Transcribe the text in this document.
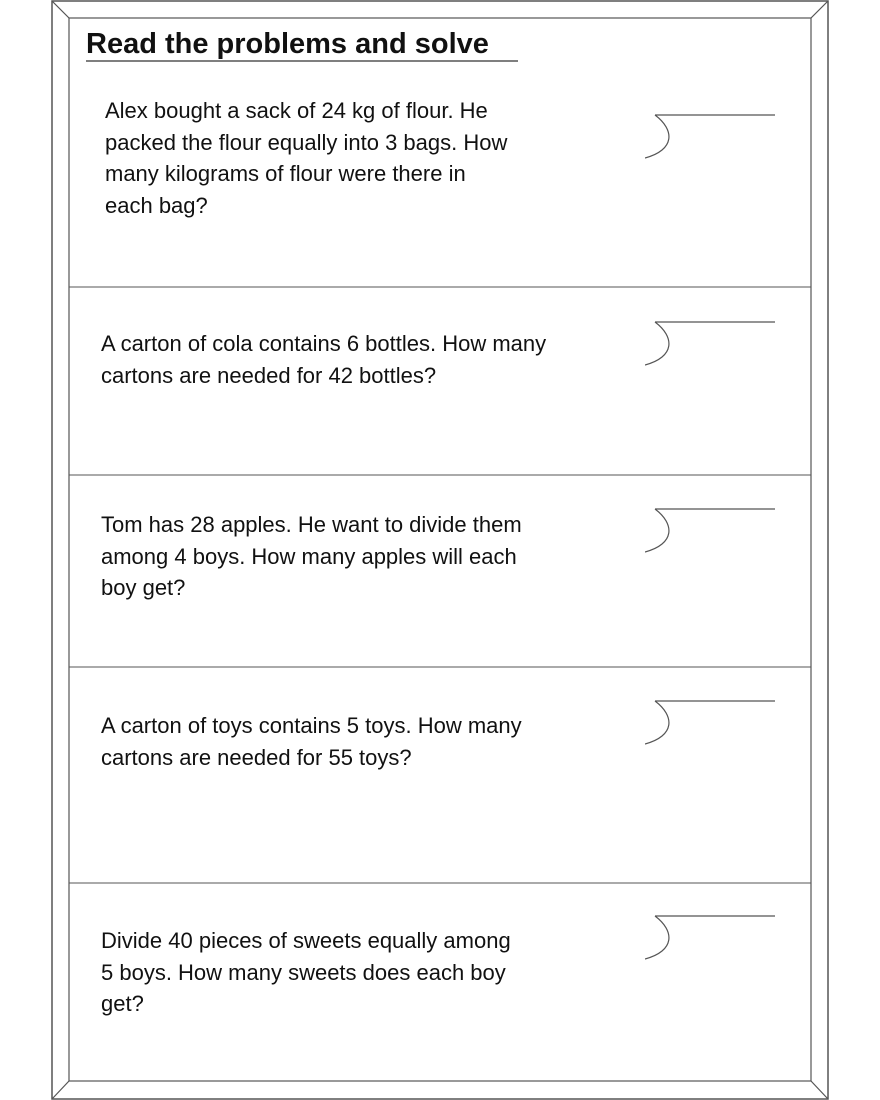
Read the problems and solve
Alex bought a sack of 24 kg of flour. He
packed the flour equally into 3 bags. How
many kilograms of flour were there in
each bag?
A carton of cola contains 6 bottles. How many
cartons are needed for 42 bottles?
Tom has 28 apples. He want to divide them
among 4 boys. How many apples will each
boy get?
A carton of toys contains 5 toys. How many
cartons are needed for 55 toys?
Divide 40 pieces of sweets equally among
5 boys. How many sweets does each boy
get?
